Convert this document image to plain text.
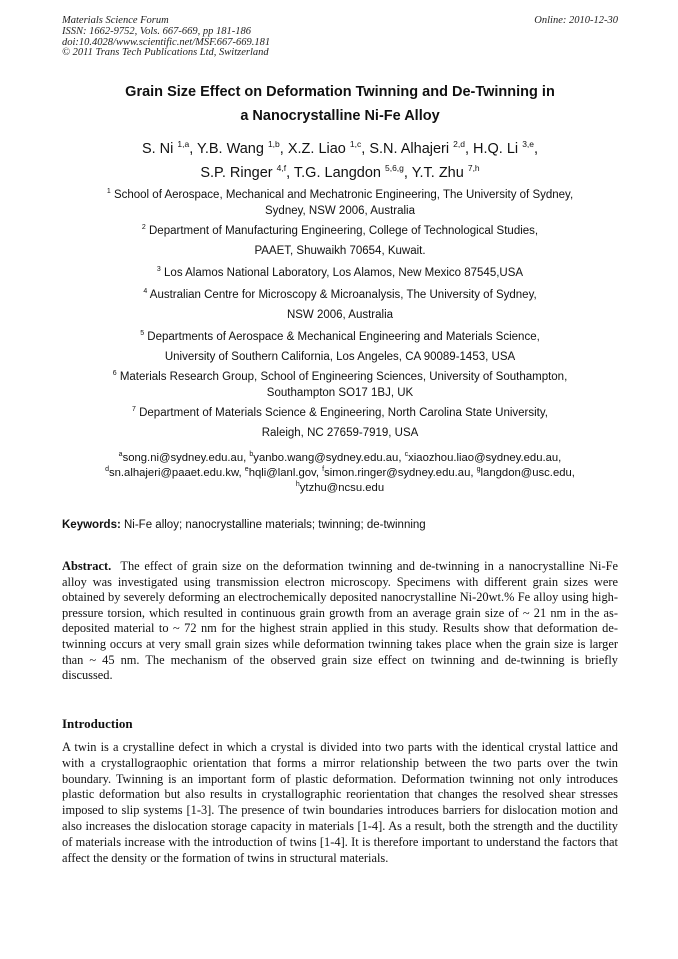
Materials Science Forum
ISSN: 1662-9752, Vols. 667-669, pp 181-186
doi:10.4028/www.scientific.net/MSF.667-669.181
© 2011 Trans Tech Publications Ltd, Switzerland
Online: 2010-12-30
Grain Size Effect on Deformation Twinning and De-Twinning in
a Nanocrystalline Ni-Fe Alloy
S. Ni $^{1,a}$, Y.B. Wang $^{1,b}$, X.Z. Liao $^{1,c}$, S.N. Alhajeri $^{2,d}$, H.Q. Li $^{3,e}$,
S.P. Ringer $^{4,f}$, T.G. Langdon $^{5,6,g}$, Y.T. Zhu $^{7,h}$
$^1$ School of Aerospace, Mechanical and Mechatronic Engineering, The University of Sydney,
Sydney, NSW 2006, Australia
$^2$ Department of Manufacturing Engineering, College of Technological Studies,
PAAET, Shuwaikh 70654, Kuwait.
$^3$ Los Alamos National Laboratory, Los Alamos, New Mexico 87545,USA
$^4$ Australian Centre for Microscopy & Microanalysis, The University of Sydney,
NSW 2006, Australia
$^5$ Departments of Aerospace & Mechanical Engineering and Materials Science,
University of Southern California, Los Angeles, CA 90089-1453, USA
$^6$ Materials Research Group, School of Engineering Sciences, University of Southampton,
Southampton SO17 1BJ, UK
$^7$ Department of Materials Science & Engineering, North Carolina State University,
Raleigh, NC 27659-7919, USA
$^a$song.ni@sydney.edu.au, $^b$yanbo.wang@sydney.edu.au, $^c$xiaozhou.liao@sydney.edu.au,
$^d$sn.alhajeri@paaet.edu.kw, $^e$hqli@lanl.gov, $^f$simon.ringer@sydney.edu.au, $^g$langdon@usc.edu,
$^h$ytzhu@ncsu.edu
Keywords: Ni-Fe alloy; nanocrystalline materials; twinning; de-twinning
Abstract.  The effect of grain size on the deformation twinning and de-twinning in a nanocrystalline Ni-Fe alloy was investigated using transmission electron microscopy. Specimens with different grain sizes were obtained by severely deforming an electrochemically deposited nanocrystalline Ni-20wt.% Fe alloy using high-pressure torsion, which resulted in continuous grain growth from an average grain size of ~ 21 nm in the as-deposited material to ~ 72 nm for the highest strain applied in this study. Results show that deformation de-twinning occurs at very small grain sizes while deformation twinning takes place when the grain size is larger than ~ 45 nm. The mechanism of the observed grain size effect on twinning and de-twinning is briefly discussed.
Introduction
A twin is a crystalline defect in which a crystal is divided into two parts with the identical crystal lattice and with a crystallograophic orientation that forms a mirror relationship between the two parts over the twin boundary. Twinning is an important form of plastic deformation. Deformation twinning not only introduces plastic deformation but also results in crystallographic reorientation that changes the resolved shear stresses imposed to slip systems [1-3]. The presence of twin boundaries introduces barriers for dislocation motion and also increases the dislocation storage capacity in materials [1-4]. As a result, both the strength and the ductility of materials increase with the introduction of twins [1-4]. It is therefore important to understand the factors that affect the density or the formation of twins in structural materials.
